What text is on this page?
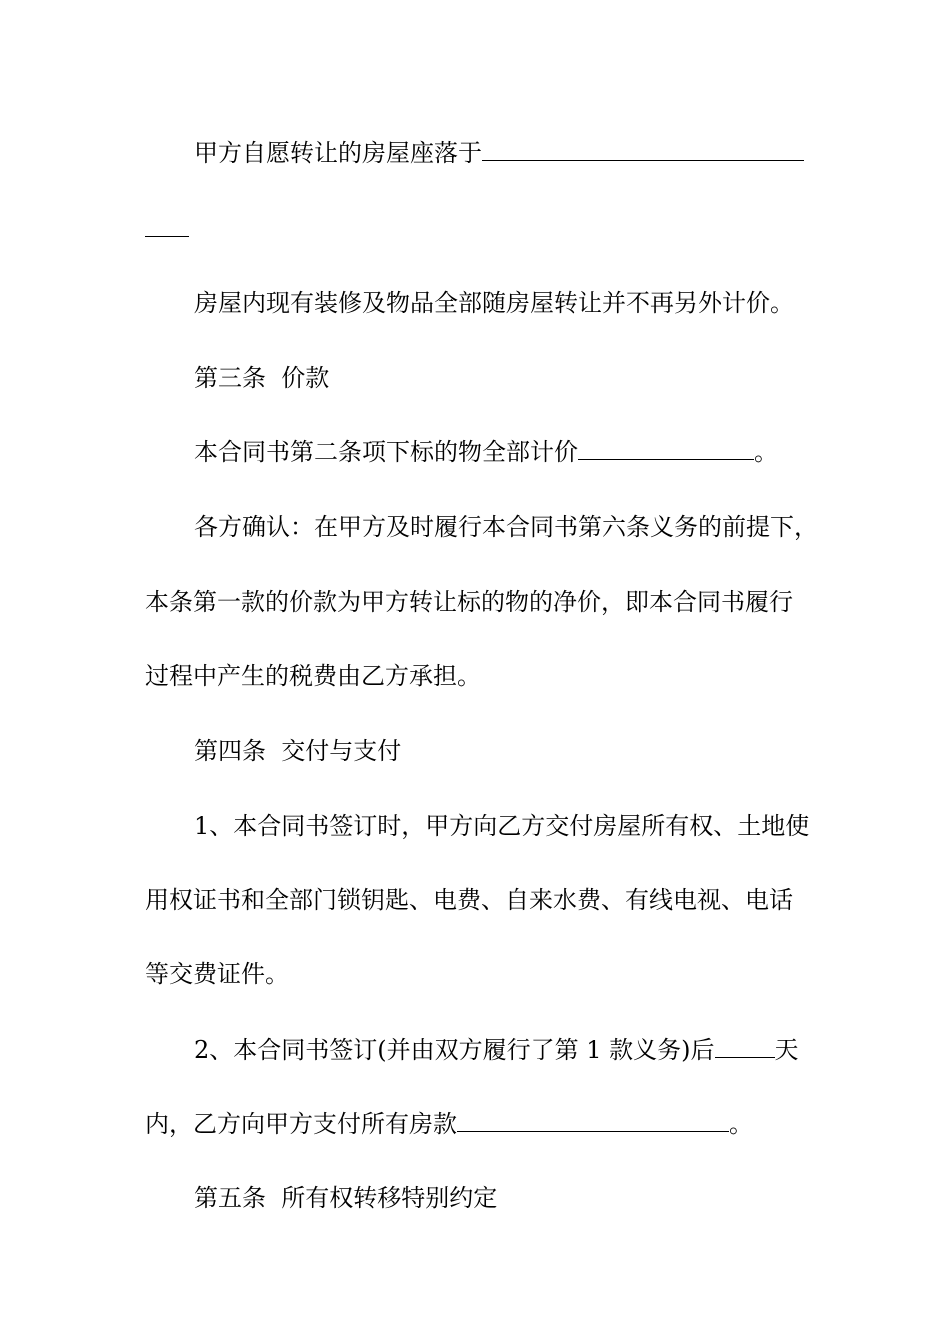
甲方自愿转让的房屋座落于
房屋内现有装修及物品全部随房屋转让并不再另外计价。
第三条  价款
本合同书第二条项下标的物全部计价	。
各方确认：在甲方及时履行本合同书第六条义务的前提下，
本条第一款的价款为甲方转让标的物的净价，即本合同书履行
过程中产生的税费由乙方承担。
第四条  交付与支付
1、本合同书签订时，甲方向乙方交付房屋所有权、土地使
用权证书和全部门锁钥匙、电费、自来水费、有线电视、电话
等交费证件。
2、本合同书签订(并由双方履行了第 1 款义务)后	天
内，乙方向甲方支付所有房款	。
第五条  所有权转移特别约定
